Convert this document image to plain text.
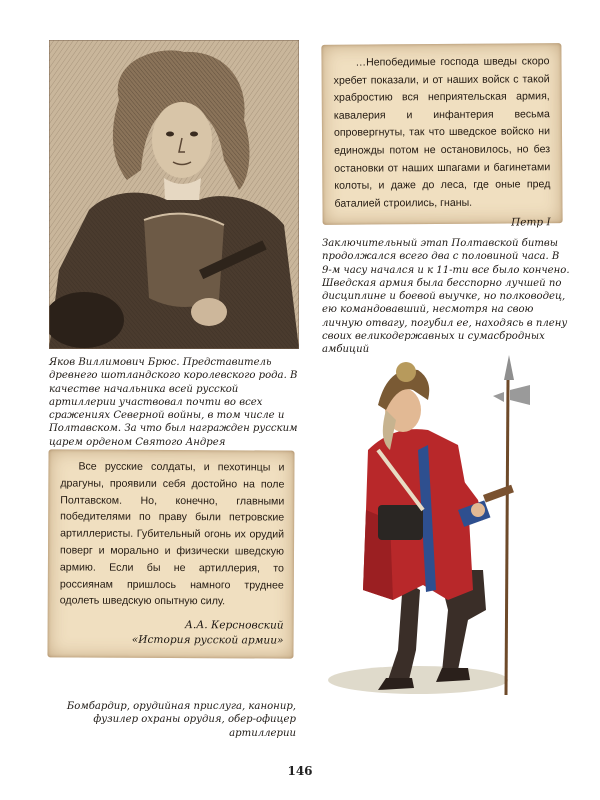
…Непобедимые господа шведы скоро хребет показали, и от наших войск с такой храбростию вся неприятельская армия, кавалерия и инфантерия весьма опровергнуты, так что шведское войско ни единожды потом не остановилось, но без остановки от наших шпагами и багинетами колоты, и даже до леса, где оные пред баталией строились, гнаны.

Петр I

Заключительный этап Полтавской битвы продолжался всего два с половиной часа. В 9-м часу начался и к 11-ти все было кончено. Шведская армия была бесспорно лучшей по дисциплине и боевой выучке, но полководец, ею командовавший, несмотря на свою личную отвагу, погубил ее, находясь в плену своих великодержавных и сумасбродных амбиций

Яков Виллимович Брюс. Представитель древнего шотландского королевского рода. В качестве начальника всей русской артиллерии участвовал почти во всех сражениях Северной войны, в том числе и Полтавском. За что был награжден русским царем орденом Святого Андрея

Все русские солдаты, и пехотинцы и драгуны, проявили себя достойно на поле Полтавском. Но, конечно, главными победителями по праву были петровские артиллеристы. Губительный огонь их орудий поверг и морально и физически шведскую армию. Если бы не артиллерия, то россиянам пришлось намного труднее одолеть шведскую опытную силу.

А.А. Керсновский
«История русской армии»

Бомбардир, орудийная прислуга, канонир, фузилер охраны орудия, обер-офицер артиллерии

146
